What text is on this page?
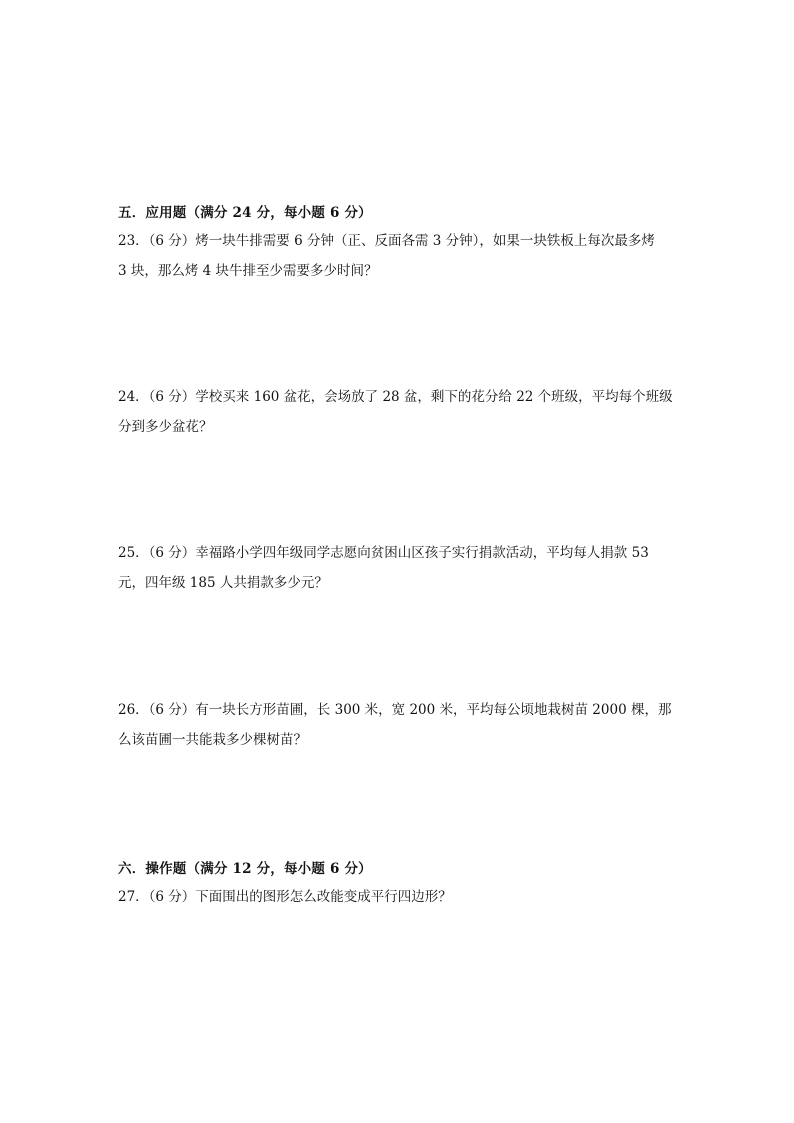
五．应用题（满分 24 分，每小题 6 分）
23．（6 分）烤一块牛排需要 6 分钟（正、反面各需 3 分钟），如果一块铁板上每次最多烤
3 块，那么烤 4 块牛排至少需要多少时间？
24．（6 分）学校买来 160 盆花，会场放了 28 盆，剩下的花分给 22 个班级，平均每个班级
分到多少盆花？
25．（6 分）幸福路小学四年级同学志愿向贫困山区孩子实行捐款活动，平均每人捐款 53
元，四年级 185 人共捐款多少元？
26．（6 分）有一块长方形苗圃，长 300 米，宽 200 米，平均每公顷地栽树苗 2000 棵，那
么该苗圃一共能栽多少棵树苗？
六．操作题（满分 12 分，每小题 6 分）
27．（6 分）下面围出的图形怎么改能变成平行四边形？
